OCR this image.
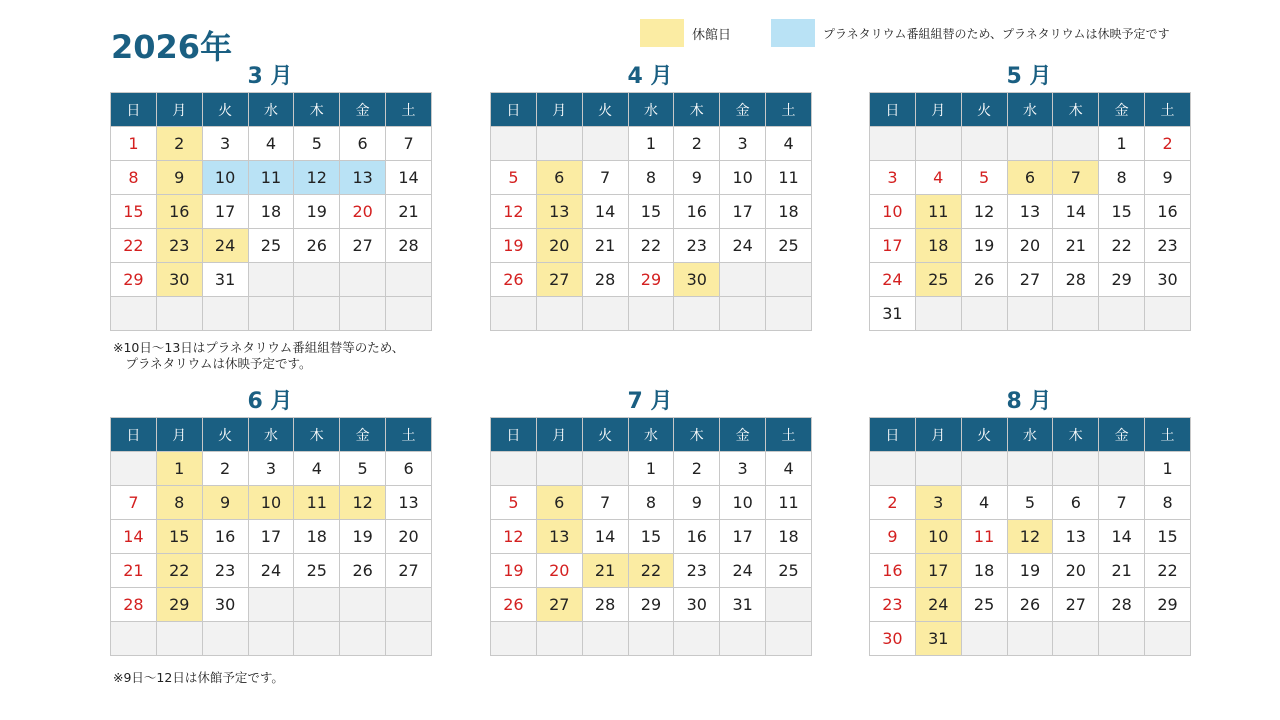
2026年	休館日	プラネタリウム番組組替のため、プラネタリウムは休映予定です
3 月
日	月	火	水	木	金	土
1	2	3	4	5	6	7
8	9	10	11	12	13	14
15	16	17	18	19	20	21
22	23	24	25	26	27	28
29	30	31				

4 月
日	月	火	水	木	金	土
			1	2	3	4
5	6	7	8	9	10	11
12	13	14	15	16	17	18
19	20	21	22	23	24	25
26	27	28	29	30		

5 月
日	月	火	水	木	金	土
					1	2
3	4	5	6	7	8	9
10	11	12	13	14	15	16
17	18	19	20	21	22	23
24	25	26	27	28	29	30
31						
6 月
日	月	火	水	木	金	土
	1	2	3	4	5	6
7	8	9	10	11	12	13
14	15	16	17	18	19	20
21	22	23	24	25	26	27
28	29	30				

7 月
日	月	火	水	木	金	土
			1	2	3	4
5	6	7	8	9	10	11
12	13	14	15	16	17	18
19	20	21	22	23	24	25
26	27	28	29	30	31	

8 月
日	月	火	水	木	金	土
						1
2	3	4	5	6	7	8
9	10	11	12	13	14	15
16	17	18	19	20	21	22
23	24	25	26	27	28	29
30	31					
※10日～13日はプラネタリウム番組組替等のため、
　プラネタリウムは休映予定です。
※9日～12日は休館予定です。
